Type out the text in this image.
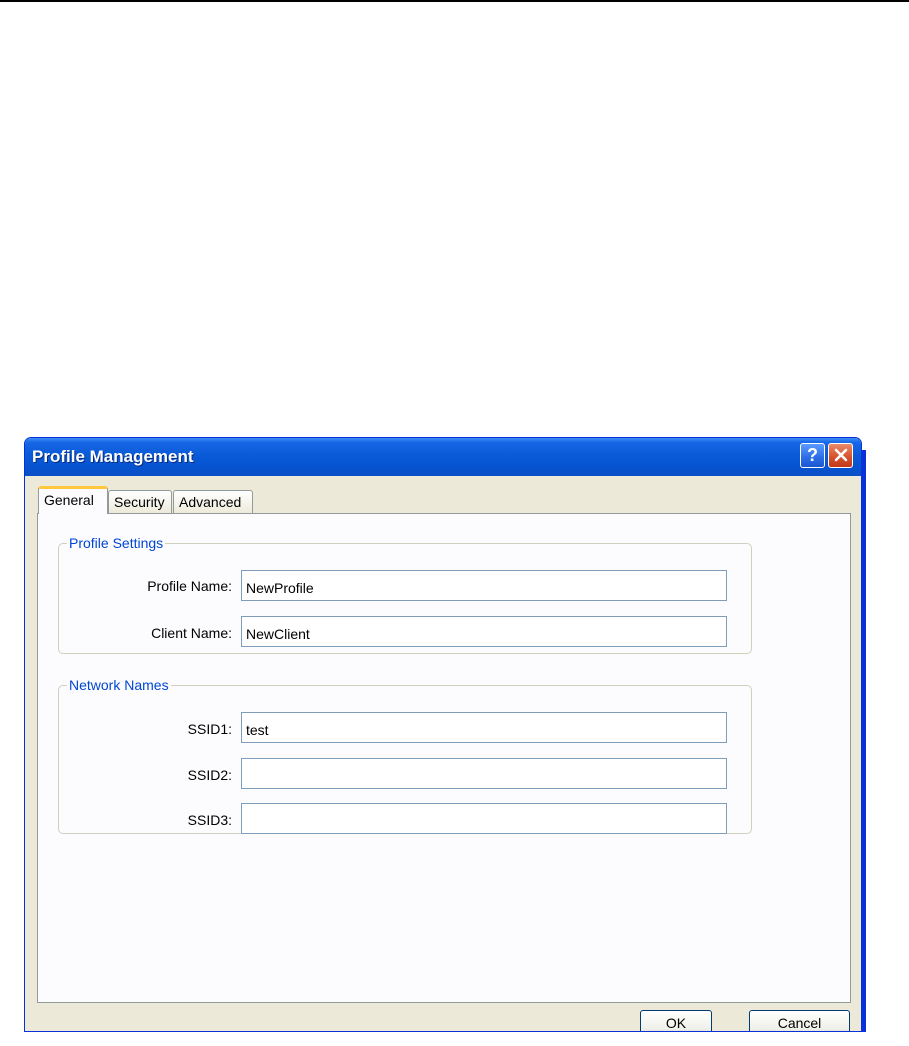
Profile Management	?
General	Security	Advanced
Profile Settings
Profile Name:
NewProfile
Client Name:
NewClient
Network Names
SSID1:
test
SSID2:
SSID3:
OK	Cancel
